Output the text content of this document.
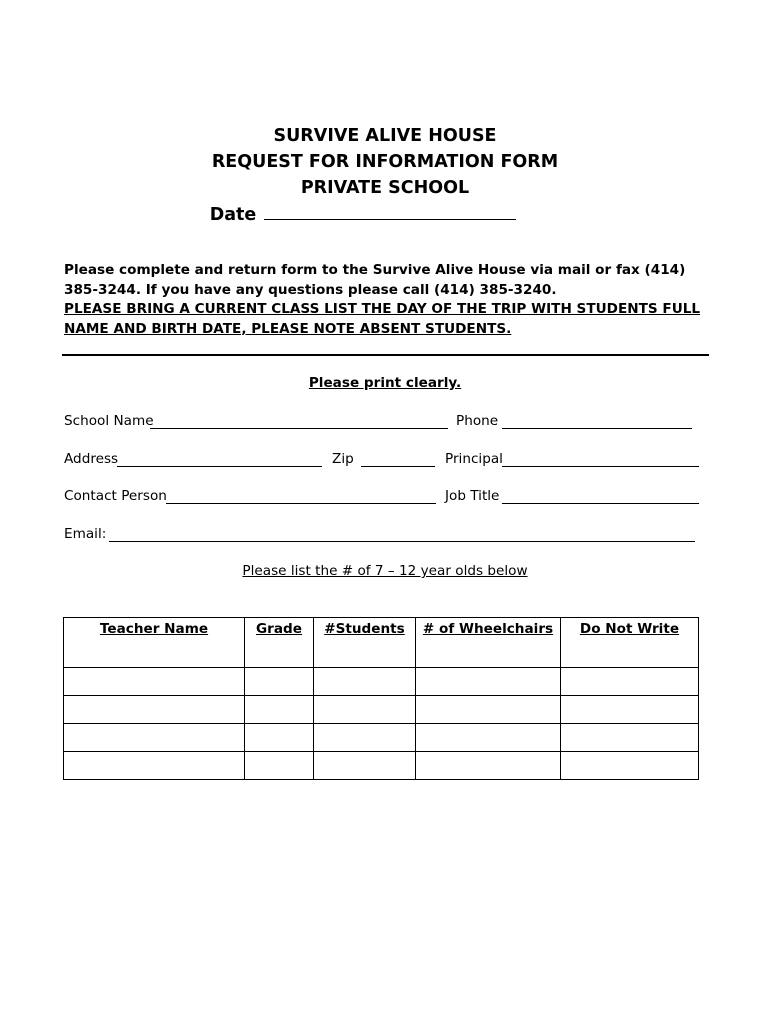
SURVIVE ALIVE HOUSE
REQUEST FOR INFORMATION FORM
PRIVATE SCHOOL
Date
Please complete and return form to the Survive Alive House via mail or fax (414) 385-3244. If you have any questions please call (414) 385-3240.
PLEASE BRING A CURRENT CLASS LIST THE DAY OF THE TRIP WITH STUDENTS FULL NAME AND BIRTH DATE, PLEASE NOTE ABSENT STUDENTS.
Please print clearly.
School Name	Phone
Address	Zip	Principal
Contact Person	Job Title
Email:
Please list the # of 7 – 12 year olds below
Teacher Name	Grade	#Students	# of Wheelchairs	Do Not Write
